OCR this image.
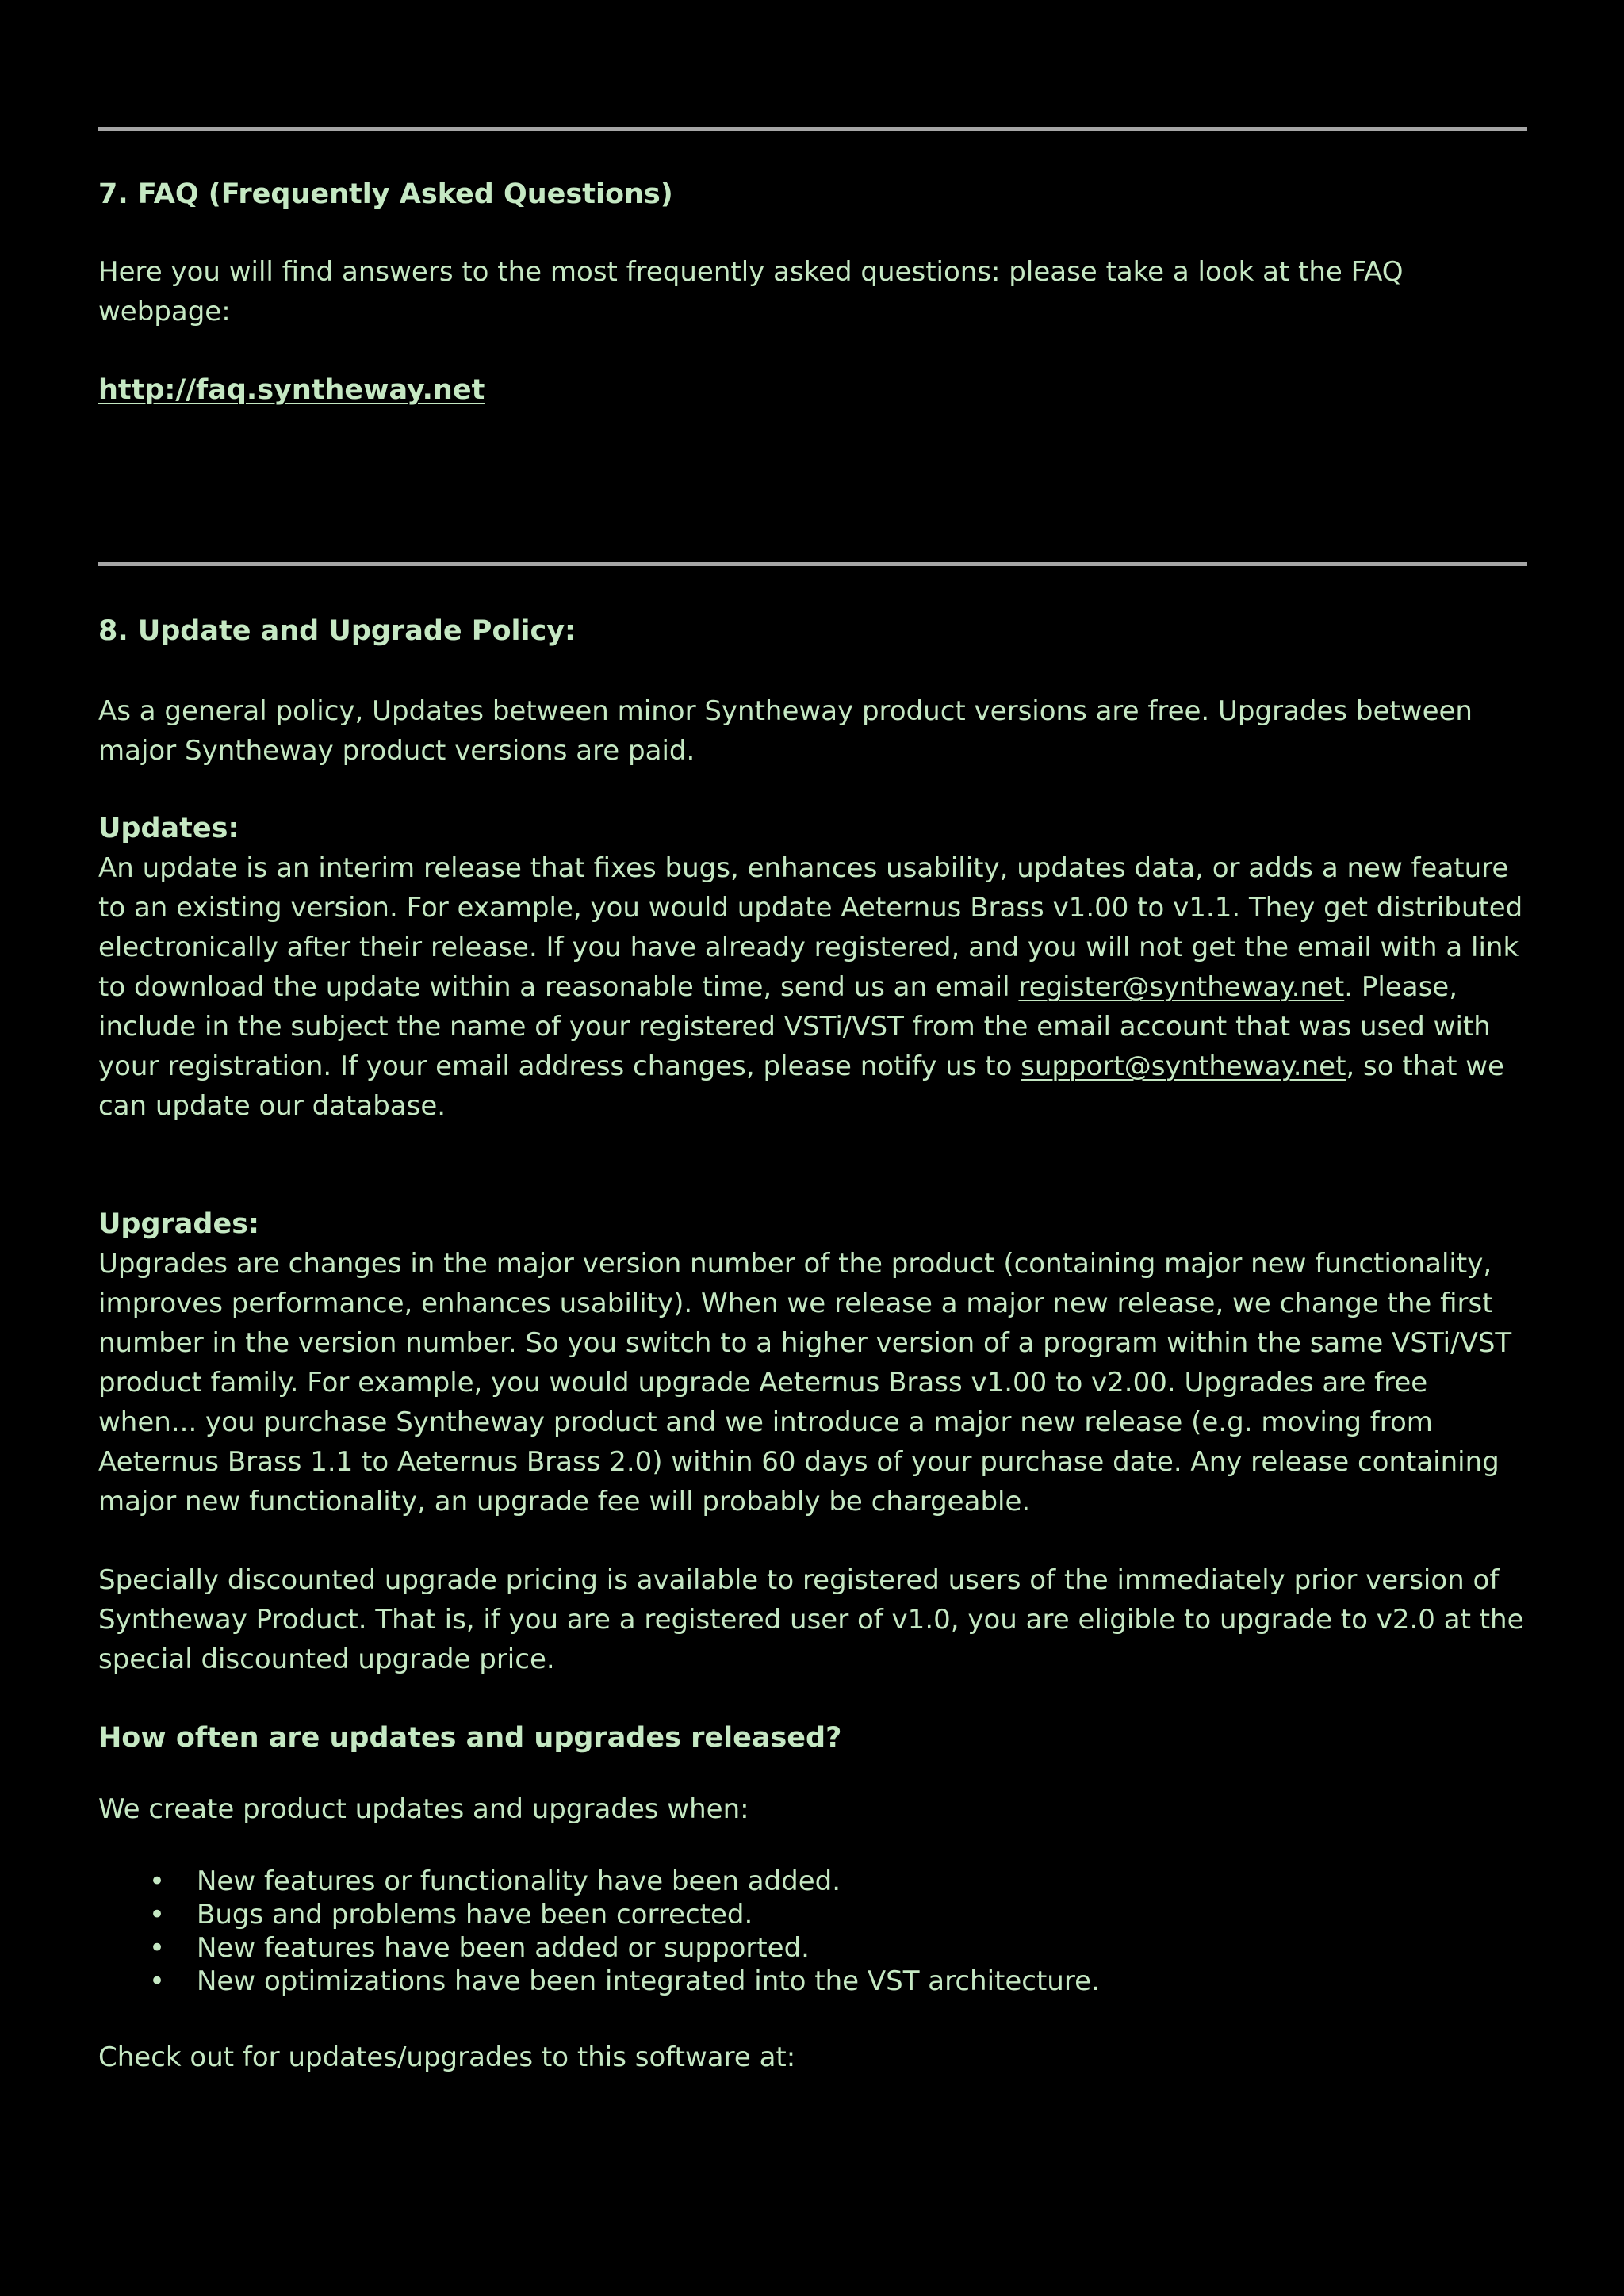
7. FAQ (Frequently Asked Questions)
Here you will find answers to the most frequently asked questions: please take a look at the FAQ webpage:
http://faq.syntheway.net
8. Update and Upgrade Policy:
As a general policy, Updates between minor Syntheway product versions are free. Upgrades between major Syntheway product versions are paid.
Updates:
An update is an interim release that fixes bugs, enhances usability, updates data, or adds a new feature to an existing version. For example, you would update Aeternus Brass v1.00 to v1.1. They get distributed electronically after their release. If you have already registered, and you will not get the email with a link to download the update within a reasonable time, send us an email register@syntheway.net. Please, include in the subject the name of your registered VSTi/VST from the email account that was used with your registration. If your email address changes, please notify us to support@syntheway.net, so that we can update our database.
Upgrades:
Upgrades are changes in the major version number of the product (containing major new functionality, improves performance, enhances usability). When we release a major new release, we change the first number in the version number. So you switch to a higher version of a program within the same VSTi/VST product family. For example, you would upgrade Aeternus Brass v1.00 to v2.00. Upgrades are free when... you purchase Syntheway product and we introduce a major new release (e.g. moving from Aeternus Brass 1.1 to Aeternus Brass 2.0) within 60 days of your purchase date. Any release containing major new functionality, an upgrade fee will probably be chargeable.
Specially discounted upgrade pricing is available to registered users of the immediately prior version of Syntheway Product. That is, if you are a registered user of v1.0, you are eligible to upgrade to v2.0 at the special discounted upgrade price.
How often are updates and upgrades released?
We create product updates and upgrades when:
• New features or functionality have been added.
• Bugs and problems have been corrected.
• New features have been added or supported.
• New optimizations have been integrated into the VST architecture.
Check out for updates/upgrades to this software at:
